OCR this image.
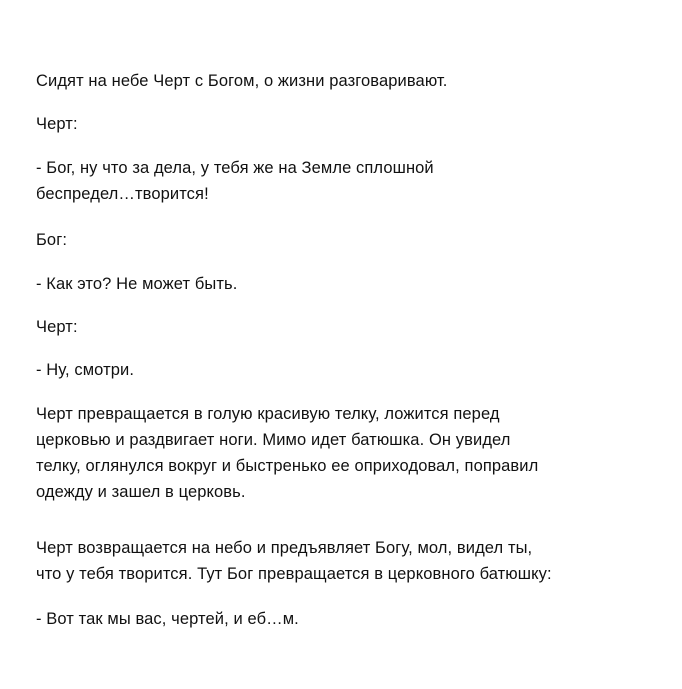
Сидят на небе Черт с Богом, о жизни разговаривают.

Черт:

- Бог, ну что за дела, у тебя же на Земле сплошной
беспредел…творится!

Бог:

- Как это? Не может быть.

Черт:

- Ну, смотри.

Черт превращается в голую красивую телку, ложится перед
церковью и раздвигает ноги. Мимо идет батюшка. Он увидел
телку, оглянулся вокруг и быстренько ее оприходовал, поправил
одежду и зашел в церковь.

Черт возвращается на небо и предъявляет Богу, мол, видел ты,
что у тебя творится. Тут Бог превращается в церковного батюшку:

- Вот так мы вас, чертей, и еб…м.
